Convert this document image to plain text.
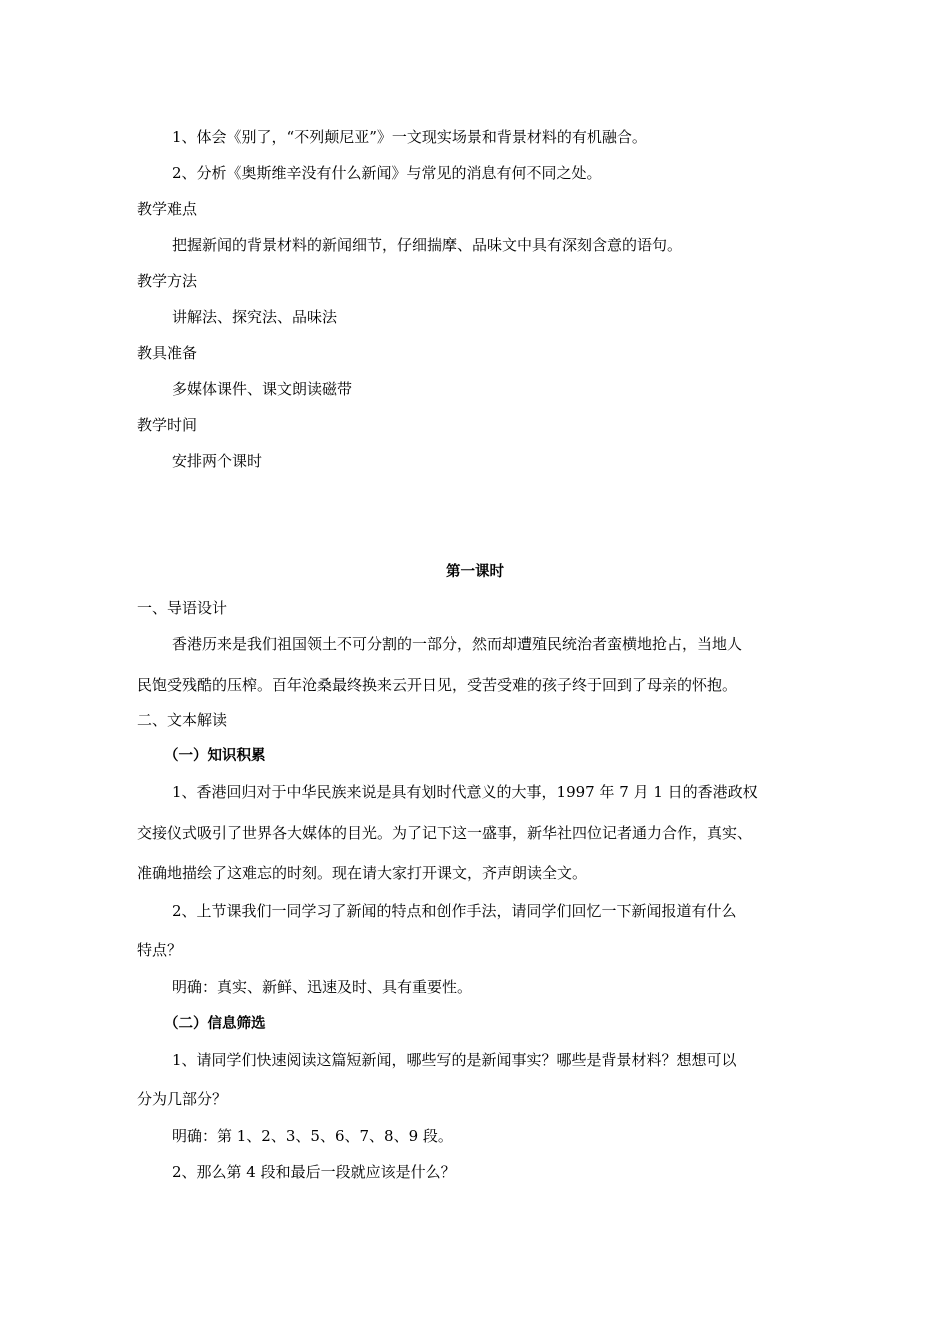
1、体会《别了，“不列颠尼亚”》一文现实场景和背景材料的有机融合。
2、分析《奥斯维辛没有什么新闻》与常见的消息有何不同之处。
教学难点
把握新闻的背景材料的新闻细节，仔细揣摩、品味文中具有深刻含意的语句。
教学方法
讲解法、探究法、品味法
教具准备
多媒体课件、课文朗读磁带
教学时间
安排两个课时
第一课时
一、导语设计
香港历来是我们祖国领土不可分割的一部分，然而却遭殖民统治者蛮横地抢占，当地人
民饱受残酷的压榨。百年沧桑最终换来云开日见，受苦受难的孩子终于回到了母亲的怀抱。
二、文本解读
（一）知识积累
1、香港回归对于中华民族来说是具有划时代意义的大事，1997 年 7 月 1 日的香港政权
交接仪式吸引了世界各大媒体的目光。为了记下这一盛事，新华社四位记者通力合作，真实、
准确地描绘了这难忘的时刻。现在请大家打开课文，齐声朗读全文。
2、上节课我们一同学习了新闻的特点和创作手法，请同学们回忆一下新闻报道有什么
特点？
明确：真实、新鲜、迅速及时、具有重要性。
（二）信息筛选
1、请同学们快速阅读这篇短新闻，哪些写的是新闻事实？哪些是背景材料？想想可以
分为几部分？
明确：第 1、2、3、5、6、7、8、9 段。
2、那么第 4 段和最后一段就应该是什么？
